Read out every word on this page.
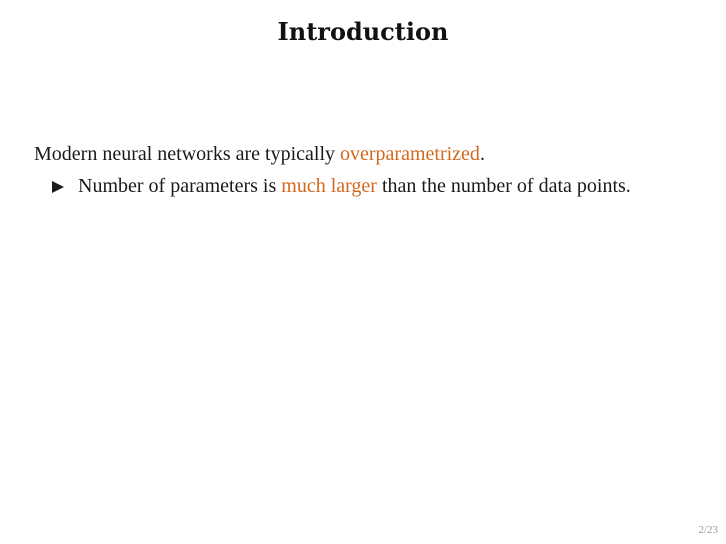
Introduction

Modern neural networks are typically overparametrized.

Number of parameters is much larger than the number of data points.
2/23
